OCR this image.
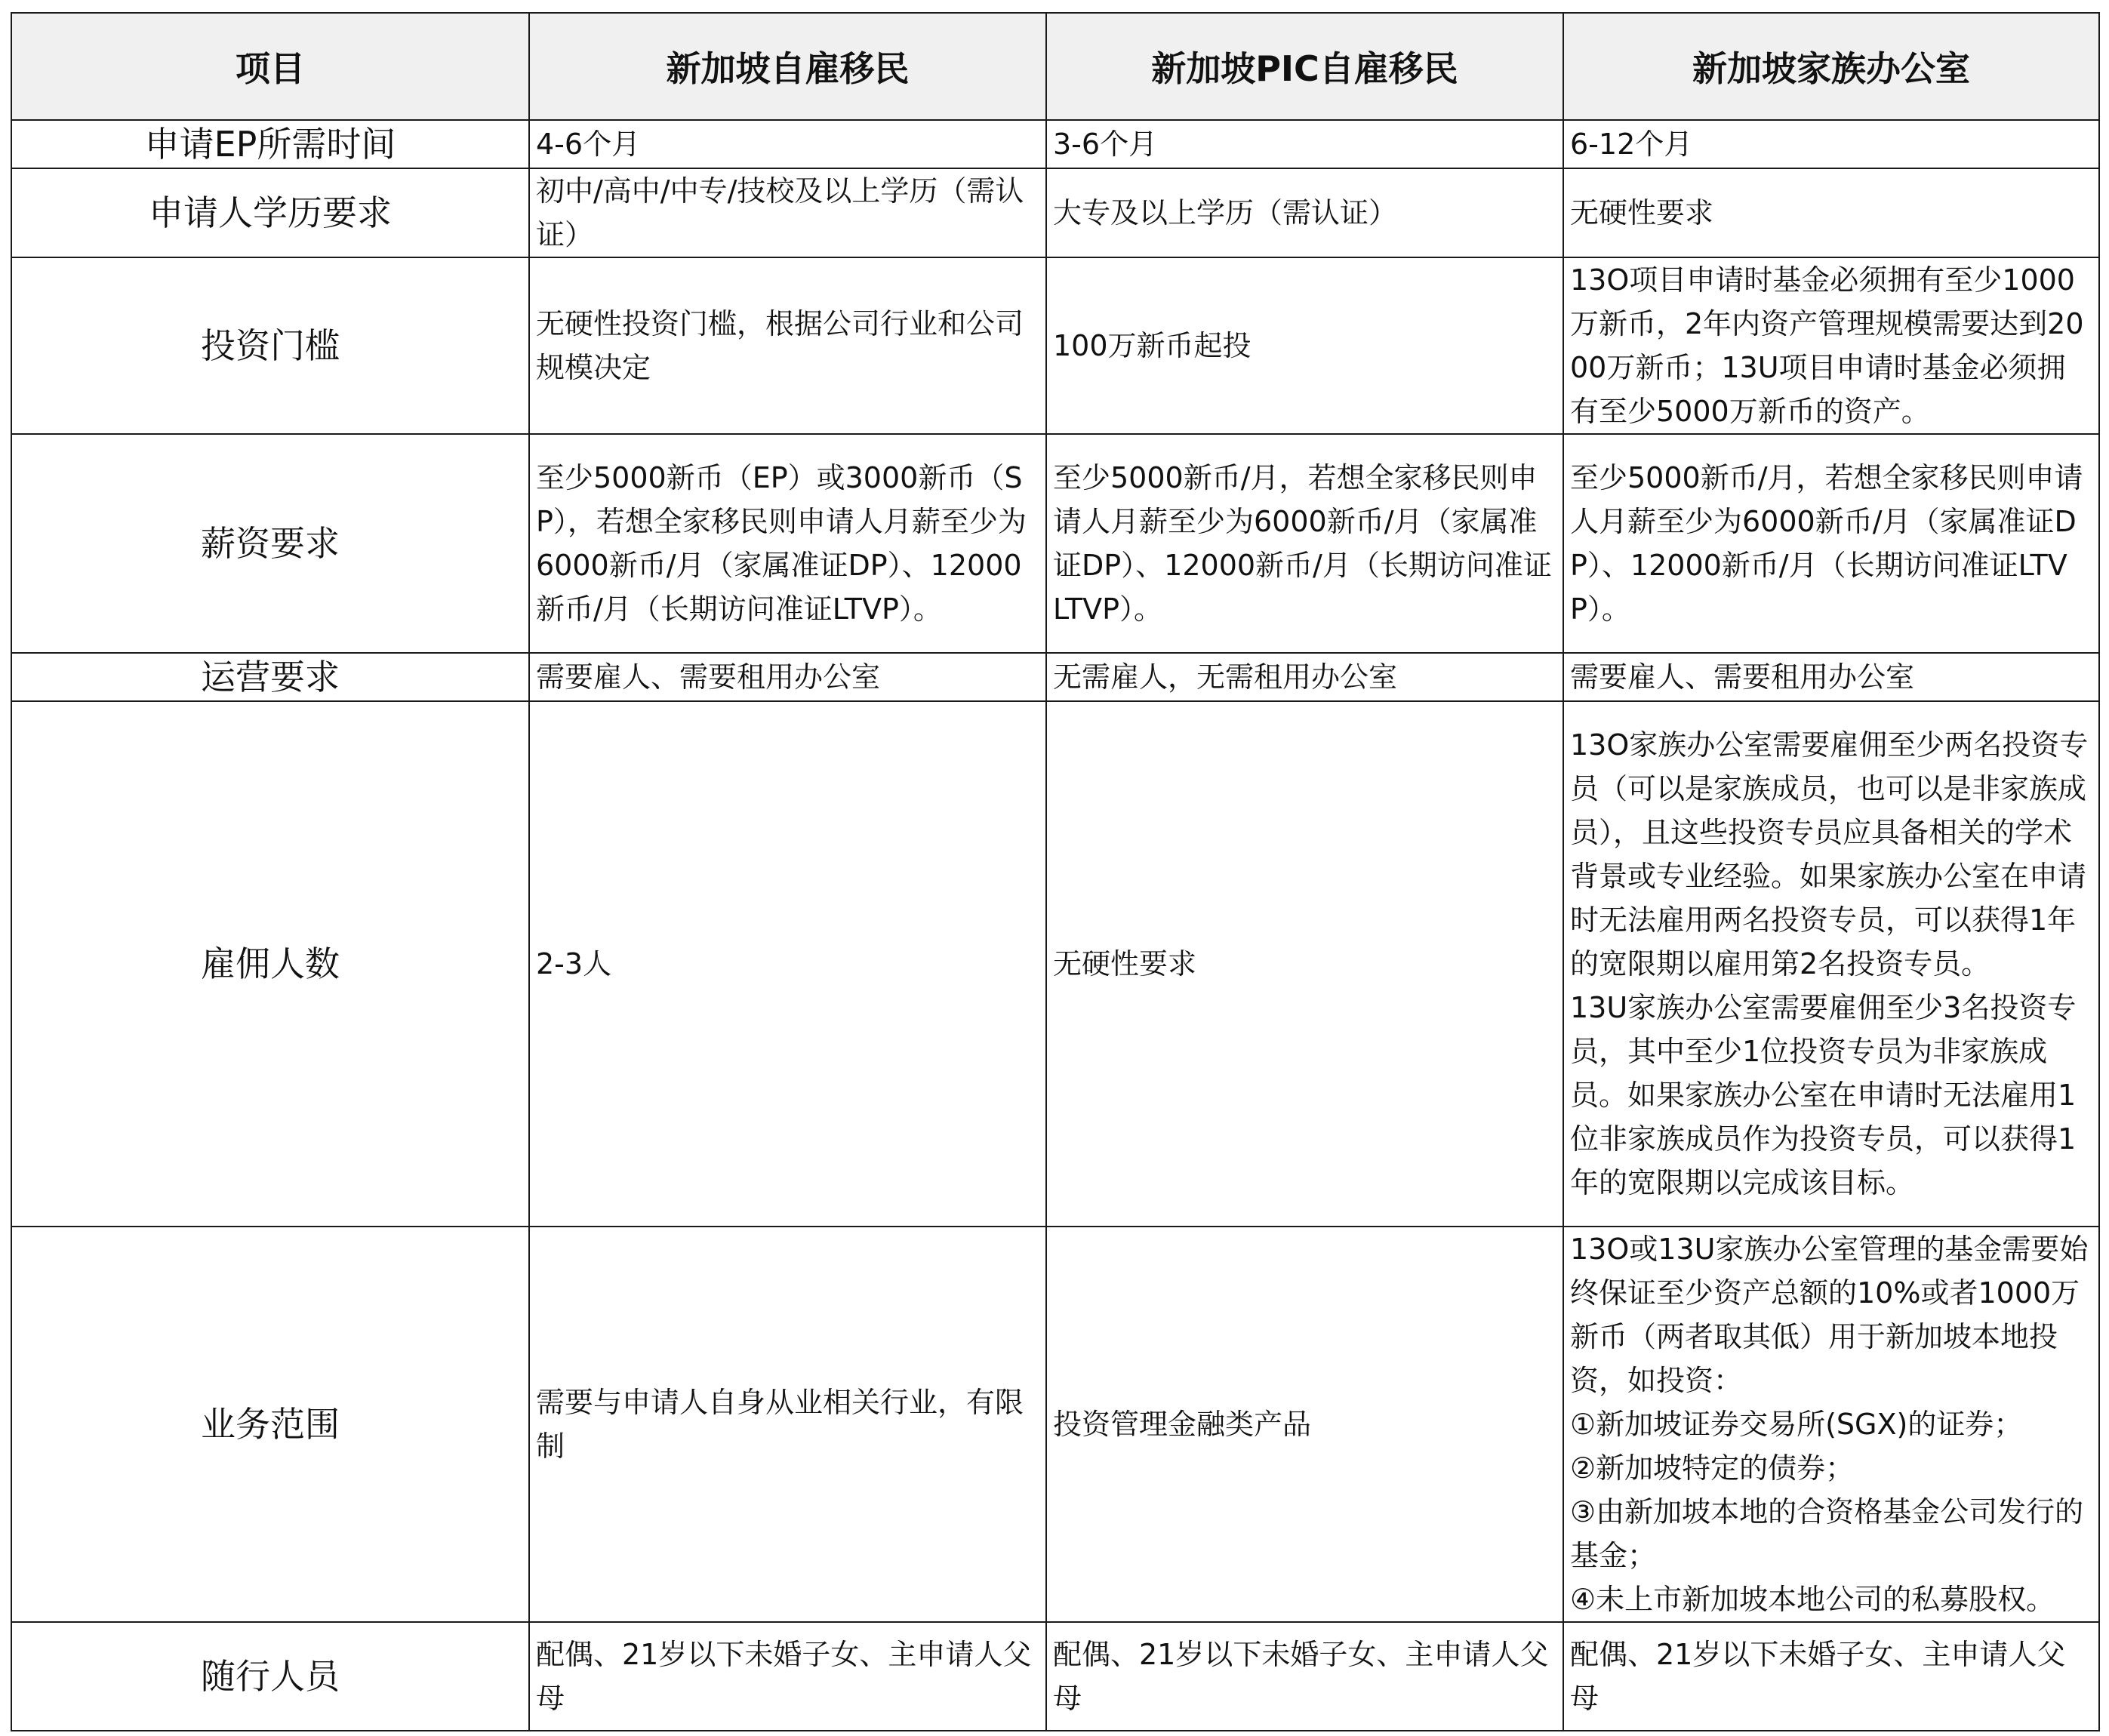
项目	新加坡自雇移民	新加坡PIC自雇移民	新加坡家族办公室
申请EP所需时间	4-6个月	3-6个月	6-12个月

申请人学历要求	初中/高中/中专/技校及以上学历（需认证）	大专及以上学历（需认证）	无硬性要求

投资门槛	无硬性投资门槛，根据公司行业和公司规模决定	100万新币起投	13O项目申请时基金必须拥有至少1000万新币，2年内资产管理规模需要达到2000万新币；13U项目申请时基金必须拥有至少5000万新币的资产。

薪资要求	至少5000新币（EP）或3000新币（SP），若想全家移民则申请人月薪至少为6000新币/月（家属准证DP）、12000新币/月（长期访问准证LTVP）。	至少5000新币/月，若想全家移民则申请人月薪至少为6000新币/月（家属准证DP）、12000新币/月（长期访问准证LTVP）。	至少5000新币/月，若想全家移民则申请人月薪至少为6000新币/月（家属准证DP）、12000新币/月（长期访问准证LTVP）。

运营要求	需要雇人、需要租用办公室	无需雇人，无需租用办公室	需要雇人、需要租用办公室

雇佣人数	2-3人	无硬性要求	13O家族办公室需要雇佣至少两名投资专员（可以是家族成员，也可以是非家族成员），且这些投资专员应具备相关的学术背景或专业经验。如果家族办公室在申请时无法雇用两名投资专员，可以获得1年的宽限期以雇用第2名投资专员。
13U家族办公室需要雇佣至少3名投资专员，其中至少1位投资专员为非家族成员。如果家族办公室在申请时无法雇用1位非家族成员作为投资专员，可以获得1年的宽限期以完成该目标。

业务范围	需要与申请人自身从业相关行业，有限制	投资管理金融类产品	13O或13U家族办公室管理的基金需要始终保证至少资产总额的10%或者1000万新币（两者取其低）用于新加坡本地投资，如投资：
①新加坡证券交易所(SGX)的证券；
②新加坡特定的债券；
③由新加坡本地的合资格基金公司发行的基金；
④未上市新加坡本地公司的私募股权。

随行人员	配偶、21岁以下未婚子女、主申请人父母	配偶、21岁以下未婚子女、主申请人父母	配偶、21岁以下未婚子女、主申请人父母
